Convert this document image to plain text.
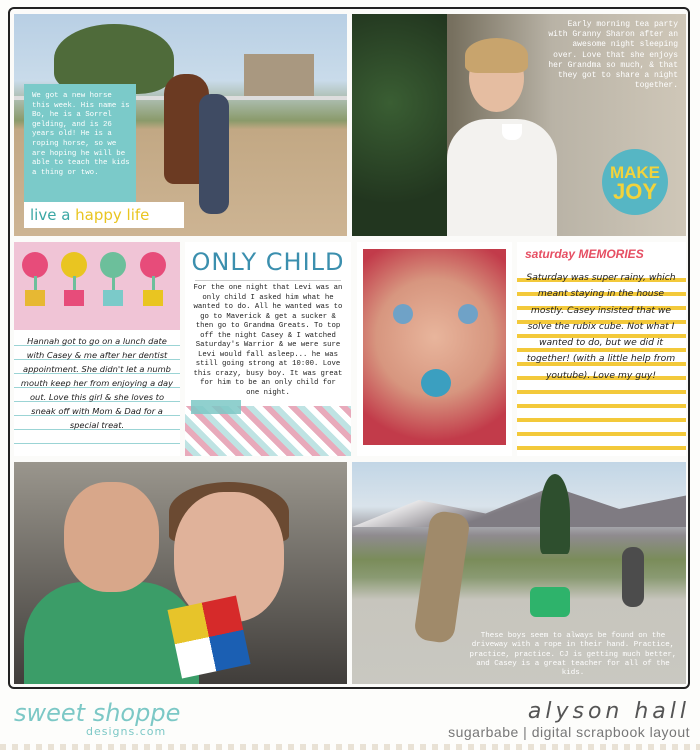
We got a new horse this week. His name is Bo, he is a Sorrel gelding, and is 26 years old! He is a roping horse, so we are hoping he will be able to teach the kids a thing or two.

live a happy life

Early morning tea party with Granny Sharon after an awesome night sleeping over. Love that she enjoys her Grandma so much, & that they got to share a night together.

MAKE
JOY

Hannah got to go on a lunch date with Casey & me after her dentist appointment. She didn't let a numb mouth keep her from enjoying a day out. Love this girl & she loves to sneak off with Mom & Dad for a special treat.

ONLY CHILD

For the one night that Levi was an only child I asked him what he wanted to do. All he wanted was to go to Maverick & get a sucker & then go to Grandma Greats. To top off the night Casey & I watched Saturday's Warrior & we were sure Levi would fall asleep... he was still going strong at 10:00. Love this crazy, busy boy. It was great for him to be an only child for one night.

saturday MEMORIES

Saturday was super rainy, which meant staying in the house mostly. Casey insisted that we solve the rubix cube. Not what I wanted to do, but we did it together! (with a little help from youtube). Love my guy!

These boys seem to always be found on the driveway with a rope in their hand. Practice, practice, practice. CJ is getting much better, and Casey is a great teacher for all of the kids.

sweet shoppe
designs.com
alyson hall
sugarbabe | digital scrapbook layout
